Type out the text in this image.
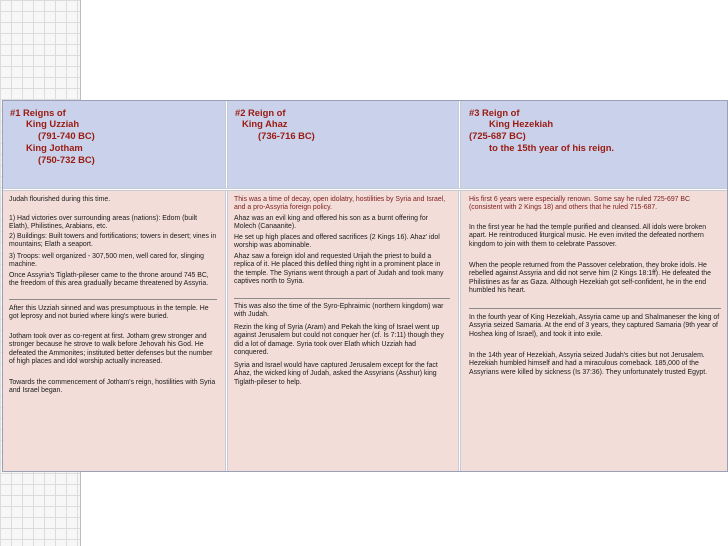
#1 Reigns of

King Uzziah

(791-740 BC)

King Jotham

(750-732 BC)

Judah flourished during this time.

1) Had victories over surrounding areas (nations): Edom (built Elath), Philistines, Arabians, etc.

2) Buildings: Built towers and fortifications; towers in desert; vines in mountains; Elath a seaport.

3) Troops: well organized - 307,500 men, well cared for, slinging machine.

Once Assyria's Tiglath-pileser came to the throne around 745 BC, the freedom of this area gradually became threatened by Assyria.

After this Uzziah sinned and was presumptuous in the temple. He got leprosy and not buried where king's were buried.

Jotham took over as co-regent at first. Jotham grew stronger and stronger because he strove to walk before Jehovah his God. He defeated the Ammonites; instituted better defenses but the number of high places and idol worship actually increased.

Towards the commencement of Jotham's reign, hostilities with Syria and Israel began.

#2 Reign of

King Ahaz

(736-716 BC)

This was a time of decay, open idolatry, hostilities by Syria and Israel, and a pro-Assyria foreign policy.

Ahaz was an evil king and offered his son as a burnt offering for Molech (Canaanite).

He set up high places and offered sacrifices (2 Kings 16). Ahaz' idol worship was abominable.

Ahaz saw a foreign idol and requested Urijah the priest to build a replica of it. He placed this defiled thing right in a prominent place in the temple. The Syrians went through a part of Judah and took many captives north to Syria.

This was also the time of the Syro-Ephraimic (northern kingdom) war with Judah.

Rezin the king of Syria (Aram) and Pekah the king of Israel went up against Jerusalem but could not conquer her (cf. Is 7:11) though they did a lot of damage. Syria took over Elath which Uzziah had conquered.

Syria and Israel would have captured Jerusalem except for the fact Ahaz, the wicked king of Judah, asked the Assyrians (Asshur) king Tiglath-pileser to help.

#3 Reign of

King Hezekiah

(725-687 BC)

to the 15th year of his reign.

His first 6 years were especially renown. Some say he ruled 725-697 BC (consistent with 2 Kings 18) and others that he ruled 715-687.

In the first year he had the temple purified and cleansed. All idols were broken apart. He reintroduced liturgical music. He even invited the defeated northern kingdom to join with them to celebrate Passover.

When the people returned from the Passover celebration, they broke idols. He rebelled against Assyria and did not serve him (2 Kings 18:1ff). He defeated the Philistines as far as Gaza. Although Hezekiah got self-confident, he in the end humbled his heart.

In the fourth year of King Hezekiah, Assyria came up and Shalmaneser the king of Assyria seized Samaria. At the end of 3 years, they captured Samaria (9th year of Hoshea king of Israel), and took it into exile.

In the 14th year of Hezekiah, Assyria seized Judah's cities but not Jerusalem. Hezekiah humbled himself and had a miraculous comeback. 185,000 of the Assyrians were killed by sickness (Is 37:36). They unfortunately trusted Egypt.
